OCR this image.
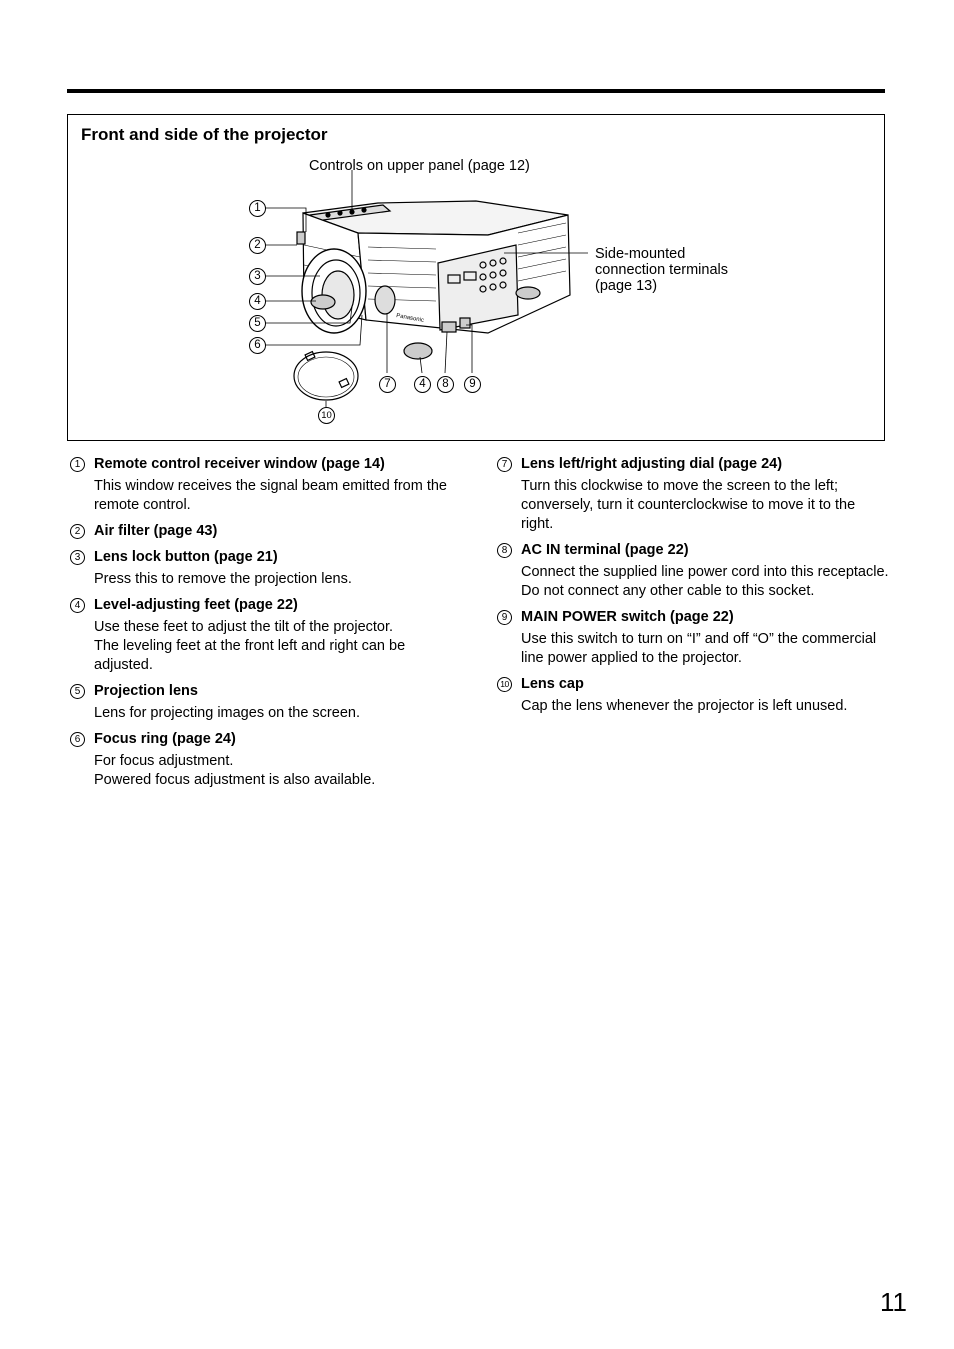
Front and side of the projector
Panasonic
Controls on upper panel (page 12)
Side-mounted
connection terminals
(page 13)
1
2
3
4
5
6
7	4	8	9
10
1 Remote control receiver window (page 14)

This window receives the signal beam emitted from the remote control.

2 Air filter (page 43)

3 Lens lock button (page 21)

Press this to remove the projection lens.

4 Level-adjusting feet (page 22)

Use these feet to adjust the tilt of the projector.

The leveling feet at the front left and right can be adjusted.

5 Projection lens

Lens for projecting images on the screen.

6 Focus ring (page 24)

For focus adjustment.

Powered focus adjustment is also available.

7 Lens left/right adjusting dial (page 24)

Turn this clockwise to move the screen to the left; conversely, turn it counterclockwise to move it to the right.

8 AC IN terminal (page 22)

Connect the supplied line power cord into this receptacle.

Do not connect any other cable to this socket.

9 MAIN POWER switch (page 22)

Use this switch to turn on “I” and off “O” the commercial line power applied to the projector.

10 Lens cap

Cap the lens whenever the projector is left unused.

11
